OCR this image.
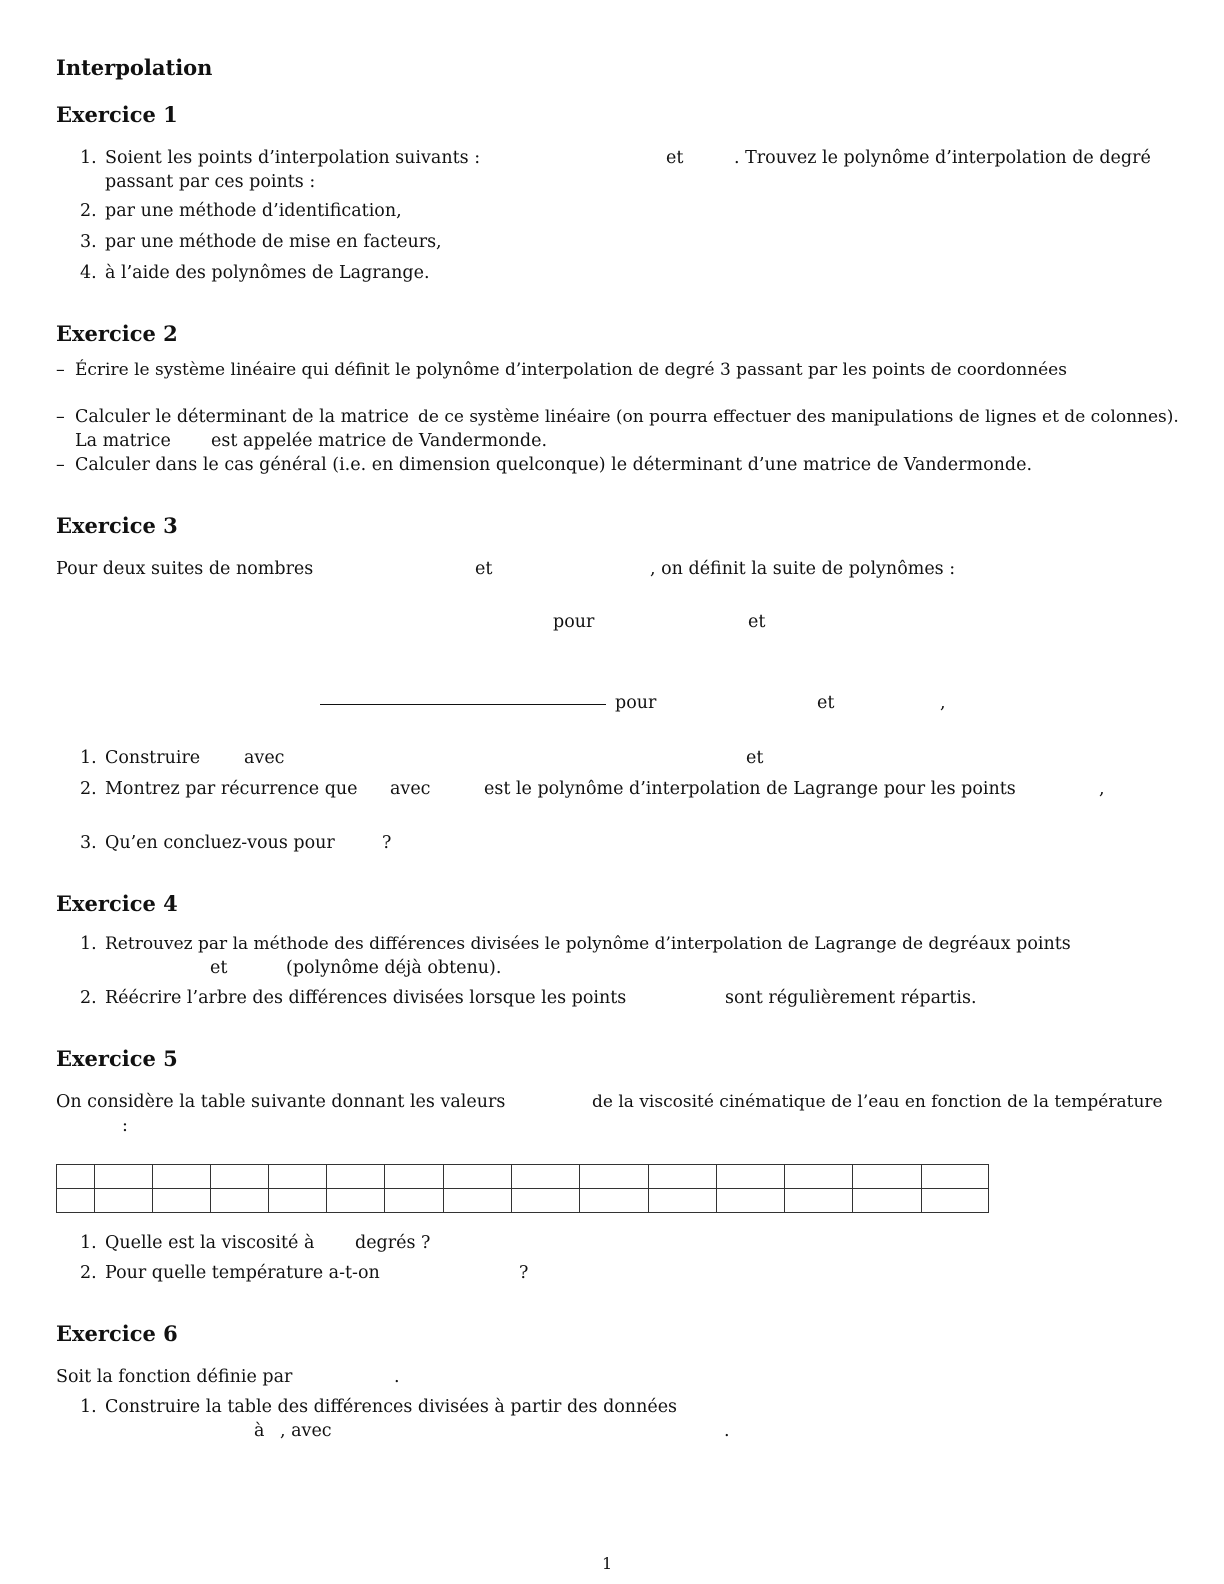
Interpolation
Exercice 1
1. Soient les points d’interpolation suivants :	et	. Trouvez le polynôme d’interpolation de degré
passant par ces points :
2. par une méthode d’identification,
3. par une méthode de mise en facteurs,
4. à l’aide des polynômes de Lagrange.
Exercice 2
– Écrire le système linéaire qui définit le polynôme d’interpolation de degré 3 passant par les points de coordonnées
– Calculer le déterminant de la matrice de ce système linéaire (on pourra effectuer des manipulations de lignes et de colonnes).
La matrice est appelée matrice de Vandermonde.
– Calculer dans le cas général (i.e. en dimension quelconque) le déterminant d’une matrice de Vandermonde.
Exercice 3
Pour deux suites de nombres	et	, on définit la suite de polynômes :
pour	et
pour	et	,
1. Construire	avec	et
2. Montrez par récurrence que avec	est le polynôme d’interpolation de Lagrange pour les points	,
3. Qu’en concluez-vous pour	?
Exercice 4
1. Retrouvez par la méthode des différences divisées le polynôme d’interpolation de Lagrange de degré aux points
et	(polynôme déjà obtenu).
2. Réécrire l’arbre des différences divisées lorsque les points	sont régulièrement répartis.
Exercice 5
On considère la table suivante donnant les valeurs	de la viscosité cinématique de l’eau en fonction de la température
:

1. Quelle est la viscosité à degrés ?
2. Pour quelle température a-t-on	?
Exercice 6
Soit la fonction définie par	.
1. Construire la table des différences divisées à partir des données
à , avec	.
1
